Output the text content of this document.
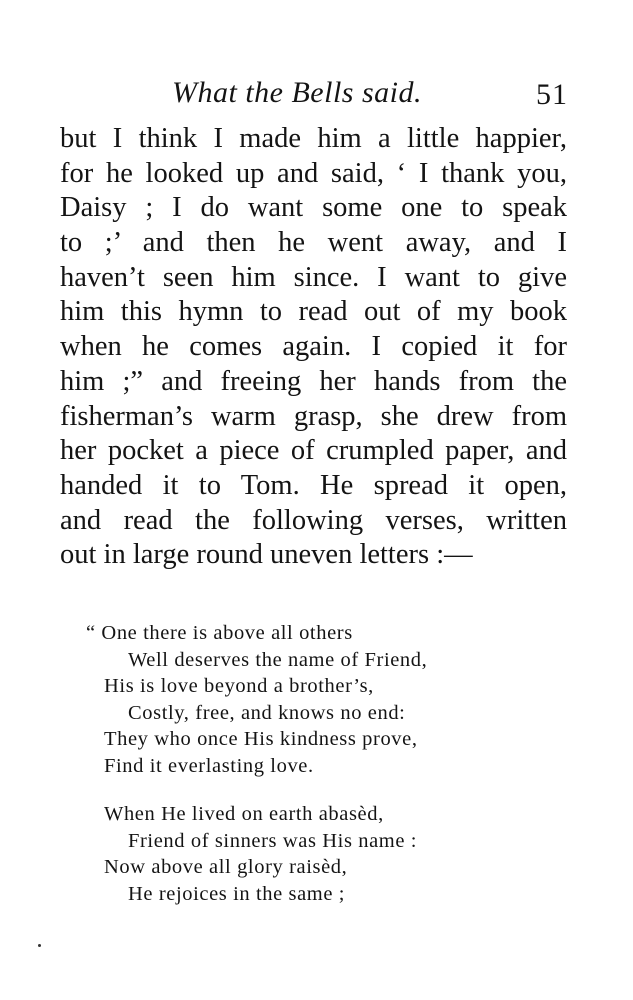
What the Bells said.	51
but I think I made him a little happier,
for he looked up and said, ‘ I thank you,
Daisy ; I do want some one to speak
to ;’ and then he went away, and I
haven’t seen him since. I want to give
him this hymn to read out of my book
when he comes again. I copied it for
him ;” and freeing her hands from the
fisherman’s warm grasp, she drew from
her pocket a piece of crumpled paper, and
handed it to Tom. He spread it open,
and read the following verses, written
out in large round uneven letters :—
“ One there is above all others
Well deserves the name of Friend,
His is love beyond a brother’s,
Costly, free, and knows no end:
They who once His kindness prove,
Find it everlasting love.
When He lived on earth abasèd,
Friend of sinners was His name :
Now above all glory raisèd,
He rejoices in the same ;
